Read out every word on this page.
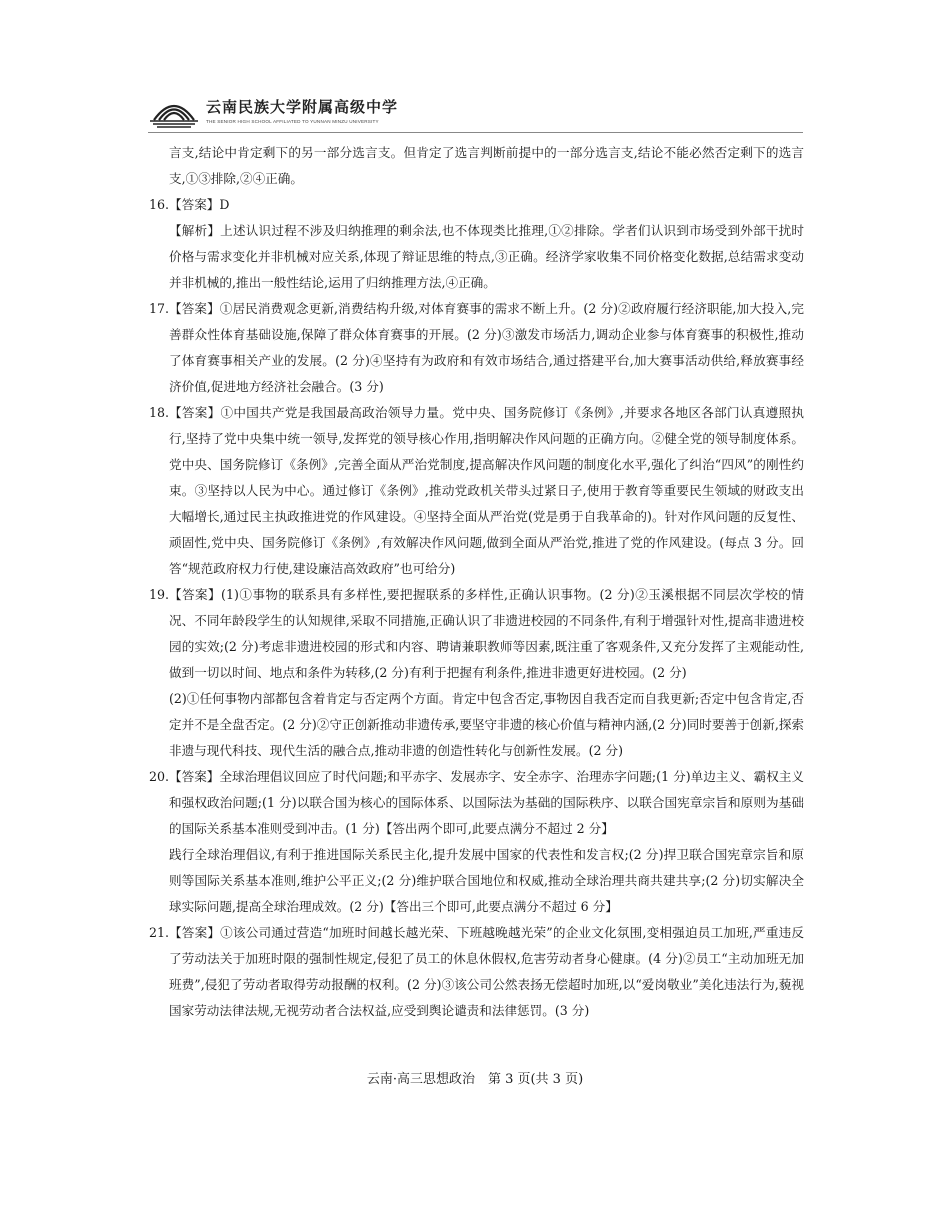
云南民族大学附属高级中学
THE SENIOR HIGH SCHOOL AFFILIATED TO YUNNAN MINZU UNIVERSITY
言支,结论中肯定剩下的另一部分选言支。但肯定了选言判断前提中的一部分选言支,结论不能必然否定剩下的选言支,①③排除,②④正确。
16. 【答案】D
【解析】上述认识过程不涉及归纳推理的剩余法,也不体现类比推理,①②排除。学者们认识到市场受到外部干扰时价格与需求变化并非机械对应关系,体现了辩证思维的特点,③正确。经济学家收集不同价格变化数据,总结需求变动并非机械的,推出一般性结论,运用了归纳推理方法,④正确。
17. 【答案】①居民消费观念更新,消费结构升级,对体育赛事的需求不断上升。(2 分)②政府履行经济职能,加大投入,完善群众性体育基础设施,保障了群众体育赛事的开展。(2 分)③激发市场活力,调动企业参与体育赛事的积极性,推动了体育赛事相关产业的发展。(2 分)④坚持有为政府和有效市场结合,通过搭建平台,加大赛事活动供给,释放赛事经济价值,促进地方经济社会融合。(3 分)
18. 【答案】①中国共产党是我国最高政治领导力量。党中央、国务院修订《条例》,并要求各地区各部门认真遵照执行,坚持了党中央集中统一领导,发挥党的领导核心作用,指明解决作风问题的正确方向。②健全党的领导制度体系。党中央、国务院修订《条例》,完善全面从严治党制度,提高解决作风问题的制度化水平,强化了纠治“四风”的刚性约束。③坚持以人民为中心。通过修订《条例》,推动党政机关带头过紧日子,使用于教育等重要民生领域的财政支出大幅增长,通过民主执政推进党的作风建设。④坚持全面从严治党(党是勇于自我革命的)。针对作风问题的反复性、顽固性,党中央、国务院修订《条例》,有效解决作风问题,做到全面从严治党,推进了党的作风建设。(每点 3 分。回答“规范政府权力行使,建设廉洁高效政府”也可给分)
19. 【答案】(1)①事物的联系具有多样性,要把握联系的多样性,正确认识事物。(2 分)②玉溪根据不同层次学校的情况、不同年龄段学生的认知规律,采取不同措施,正确认识了非遗进校园的不同条件,有利于增强针对性,提高非遗进校园的实效;(2 分)考虑非遗进校园的形式和内容、聘请兼职教师等因素,既注重了客观条件,又充分发挥了主观能动性,做到一切以时间、地点和条件为转移,(2 分)有利于把握有利条件,推进非遗更好进校园。(2 分)
(2)①任何事物内部都包含着肯定与否定两个方面。肯定中包含否定,事物因自我否定而自我更新;否定中包含肯定,否定并不是全盘否定。(2 分)②守正创新推动非遗传承,要坚守非遗的核心价值与精神内涵,(2 分)同时要善于创新,探索非遗与现代科技、现代生活的融合点,推动非遗的创造性转化与创新性发展。(2 分)
20. 【答案】全球治理倡议回应了时代问题;和平赤字、发展赤字、安全赤字、治理赤字问题;(1 分)单边主义、霸权主义和强权政治问题;(1 分)以联合国为核心的国际体系、以国际法为基础的国际秩序、以联合国宪章宗旨和原则为基础的国际关系基本准则受到冲击。(1 分)【答出两个即可,此要点满分不超过 2 分】
践行全球治理倡议,有利于推进国际关系民主化,提升发展中国家的代表性和发言权;(2 分)捍卫联合国宪章宗旨和原则等国际关系基本准则,维护公平正义;(2 分)维护联合国地位和权威,推动全球治理共商共建共享;(2 分)切实解决全球实际问题,提高全球治理成效。(2 分)【答出三个即可,此要点满分不超过 6 分】
21. 【答案】①该公司通过营造“加班时间越长越光荣、下班越晚越光荣”的企业文化氛围,变相强迫员工加班,严重违反了劳动法关于加班时限的强制性规定,侵犯了员工的休息休假权,危害劳动者身心健康。(4 分)②员工“主动加班无加班费”,侵犯了劳动者取得劳动报酬的权利。(2 分)③该公司公然表扬无偿超时加班,以“爱岗敬业”美化违法行为,藐视国家劳动法律法规,无视劳动者合法权益,应受到舆论谴责和法律惩罚。(3 分)
云南·高三思想政治　第 3 页(共 3 页)
